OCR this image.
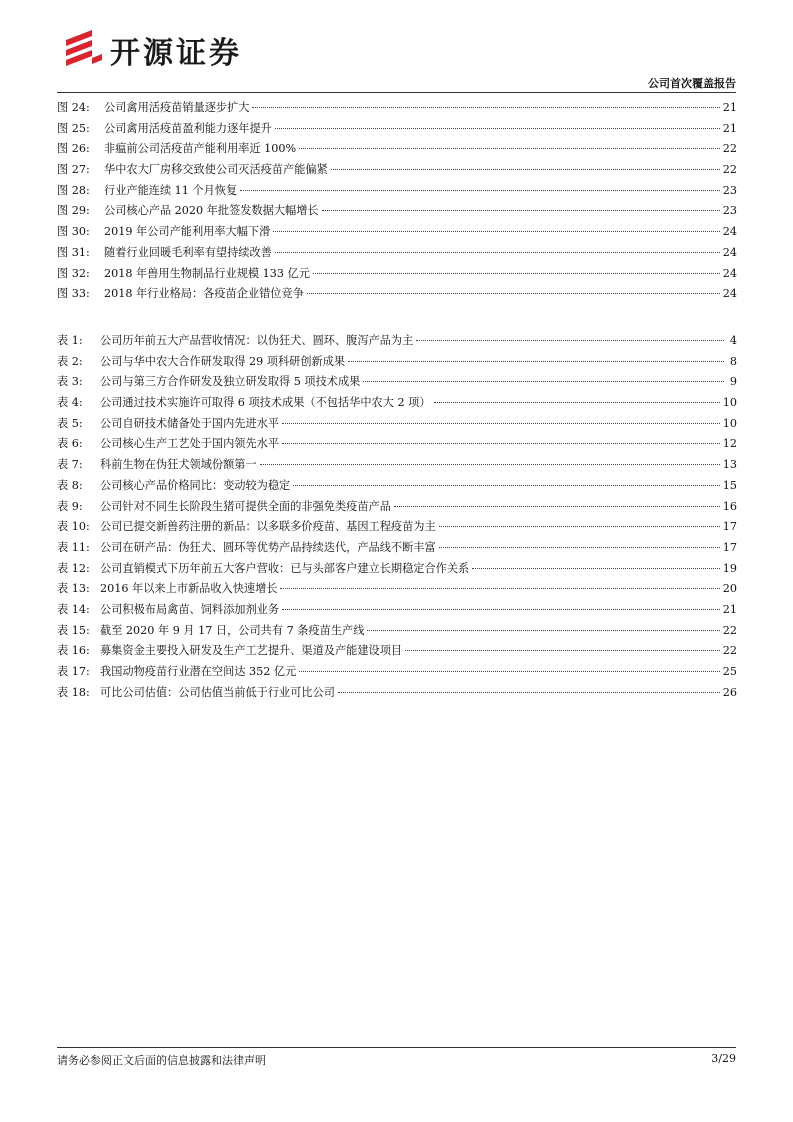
开源证券
公司首次覆盖报告
图 24:	公司禽用活疫苗销量逐步扩大	21
图 25:	公司禽用活疫苗盈利能力逐年提升	21
图 26:	非瘟前公司活疫苗产能利用率近 100%	22
图 27:	华中农大厂房移交致使公司灭活疫苗产能偏紧	22
图 28:	行业产能连续 11 个月恢复	23
图 29:	公司核心产品 2020 年批签发数据大幅增长	23
图 30:	2019 年公司产能利用率大幅下滑	24
图 31:	随着行业回暖毛利率有望持续改善	24
图 32:	2018 年兽用生物制品行业规模 133 亿元	24
图 33:	2018 年行业格局：各疫苗企业错位竞争	24
表 1:	公司历年前五大产品营收情况：以伪狂犬、圆环、腹泻产品为主	4
表 2:	公司与华中农大合作研发取得 29 项科研创新成果	8
表 3:	公司与第三方合作研发及独立研发取得 5 项技术成果	9
表 4:	公司通过技术实施许可取得 6 项技术成果（不包括华中农大 2 项）	10
表 5:	公司自研技术储备处于国内先进水平	10
表 6:	公司核心生产工艺处于国内领先水平	12
表 7:	科前生物在伪狂犬领域份额第一	13
表 8:	公司核心产品价格同比：变动较为稳定	15
表 9:	公司针对不同生长阶段生猪可提供全面的非强免类疫苗产品	16
表 10: 公司已提交新兽药注册的新品：以多联多价疫苗、基因工程疫苗为主	17
表 11: 公司在研产品：伪狂犬、圆环等优势产品持续迭代，产品线不断丰富	17
表 12: 公司直销模式下历年前五大客户营收：已与头部客户建立长期稳定合作关系	19
表 13: 2016 年以来上市新品收入快速增长	20
表 14: 公司积极布局禽苗、饲料添加剂业务	21
表 15: 截至 2020 年 9 月 17 日，公司共有 7 条疫苗生产线	22
表 16: 募集资金主要投入研发及生产工艺提升、渠道及产能建设项目	22
表 17: 我国动物疫苗行业潜在空间达 352 亿元	25
表 18: 可比公司估值：公司估值当前低于行业可比公司	26
请务必参阅正文后面的信息披露和法律声明	3/29
